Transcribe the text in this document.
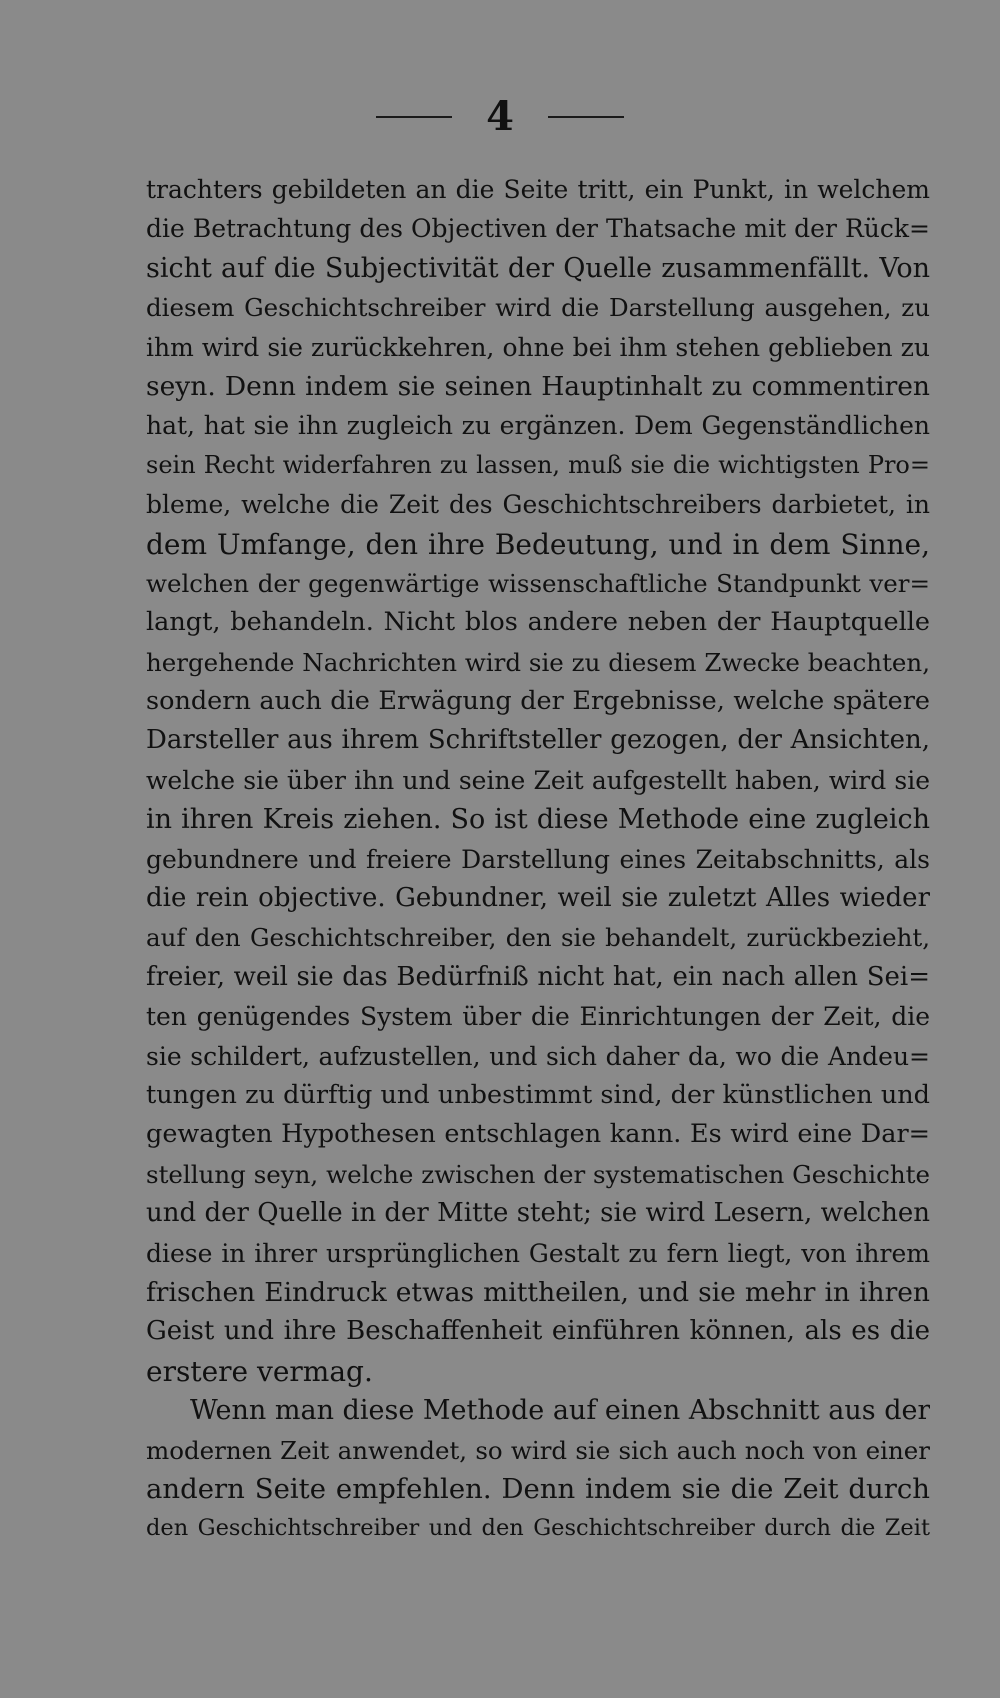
4
trachters gebildeten an die Seite tritt, ein Punkt, in welchem
die Betrachtung des Objectiven der Thatsache mit der Rück=
sicht auf die Subjectivität der Quelle zusammenfällt. Von
diesem Geschichtschreiber wird die Darstellung ausgehen, zu
ihm wird sie zurückkehren, ohne bei ihm stehen geblieben zu
seyn. Denn indem sie seinen Hauptinhalt zu commentiren
hat, hat sie ihn zugleich zu ergänzen. Dem Gegenständlichen
sein Recht widerfahren zu lassen, muß sie die wichtigsten Pro=
bleme, welche die Zeit des Geschichtschreibers darbietet, in
dem Umfange, den ihre Bedeutung, und in dem Sinne,
welchen der gegenwärtige wissenschaftliche Standpunkt ver=
langt, behandeln. Nicht blos andere neben der Hauptquelle
hergehende Nachrichten wird sie zu diesem Zwecke beachten,
sondern auch die Erwägung der Ergebnisse, welche spätere
Darsteller aus ihrem Schriftsteller gezogen, der Ansichten,
welche sie über ihn und seine Zeit aufgestellt haben, wird sie
in ihren Kreis ziehen. So ist diese Methode eine zugleich
gebundnere und freiere Darstellung eines Zeitabschnitts, als
die rein objective. Gebundner, weil sie zuletzt Alles wieder
auf den Geschichtschreiber, den sie behandelt, zurückbezieht,
freier, weil sie das Bedürfniß nicht hat, ein nach allen Sei=
ten genügendes System über die Einrichtungen der Zeit, die
sie schildert, aufzustellen, und sich daher da, wo die Andeu=
tungen zu dürftig und unbestimmt sind, der künstlichen und
gewagten Hypothesen entschlagen kann. Es wird eine Dar=
stellung seyn, welche zwischen der systematischen Geschichte
und der Quelle in der Mitte steht; sie wird Lesern, welchen
diese in ihrer ursprünglichen Gestalt zu fern liegt, von ihrem
frischen Eindruck etwas mittheilen, und sie mehr in ihren
Geist und ihre Beschaffenheit einführen können, als es die
erstere vermag.
Wenn man diese Methode auf einen Abschnitt aus der
modernen Zeit anwendet, so wird sie sich auch noch von einer
andern Seite empfehlen. Denn indem sie die Zeit durch
den Geschichtschreiber und den Geschichtschreiber durch die Zeit
